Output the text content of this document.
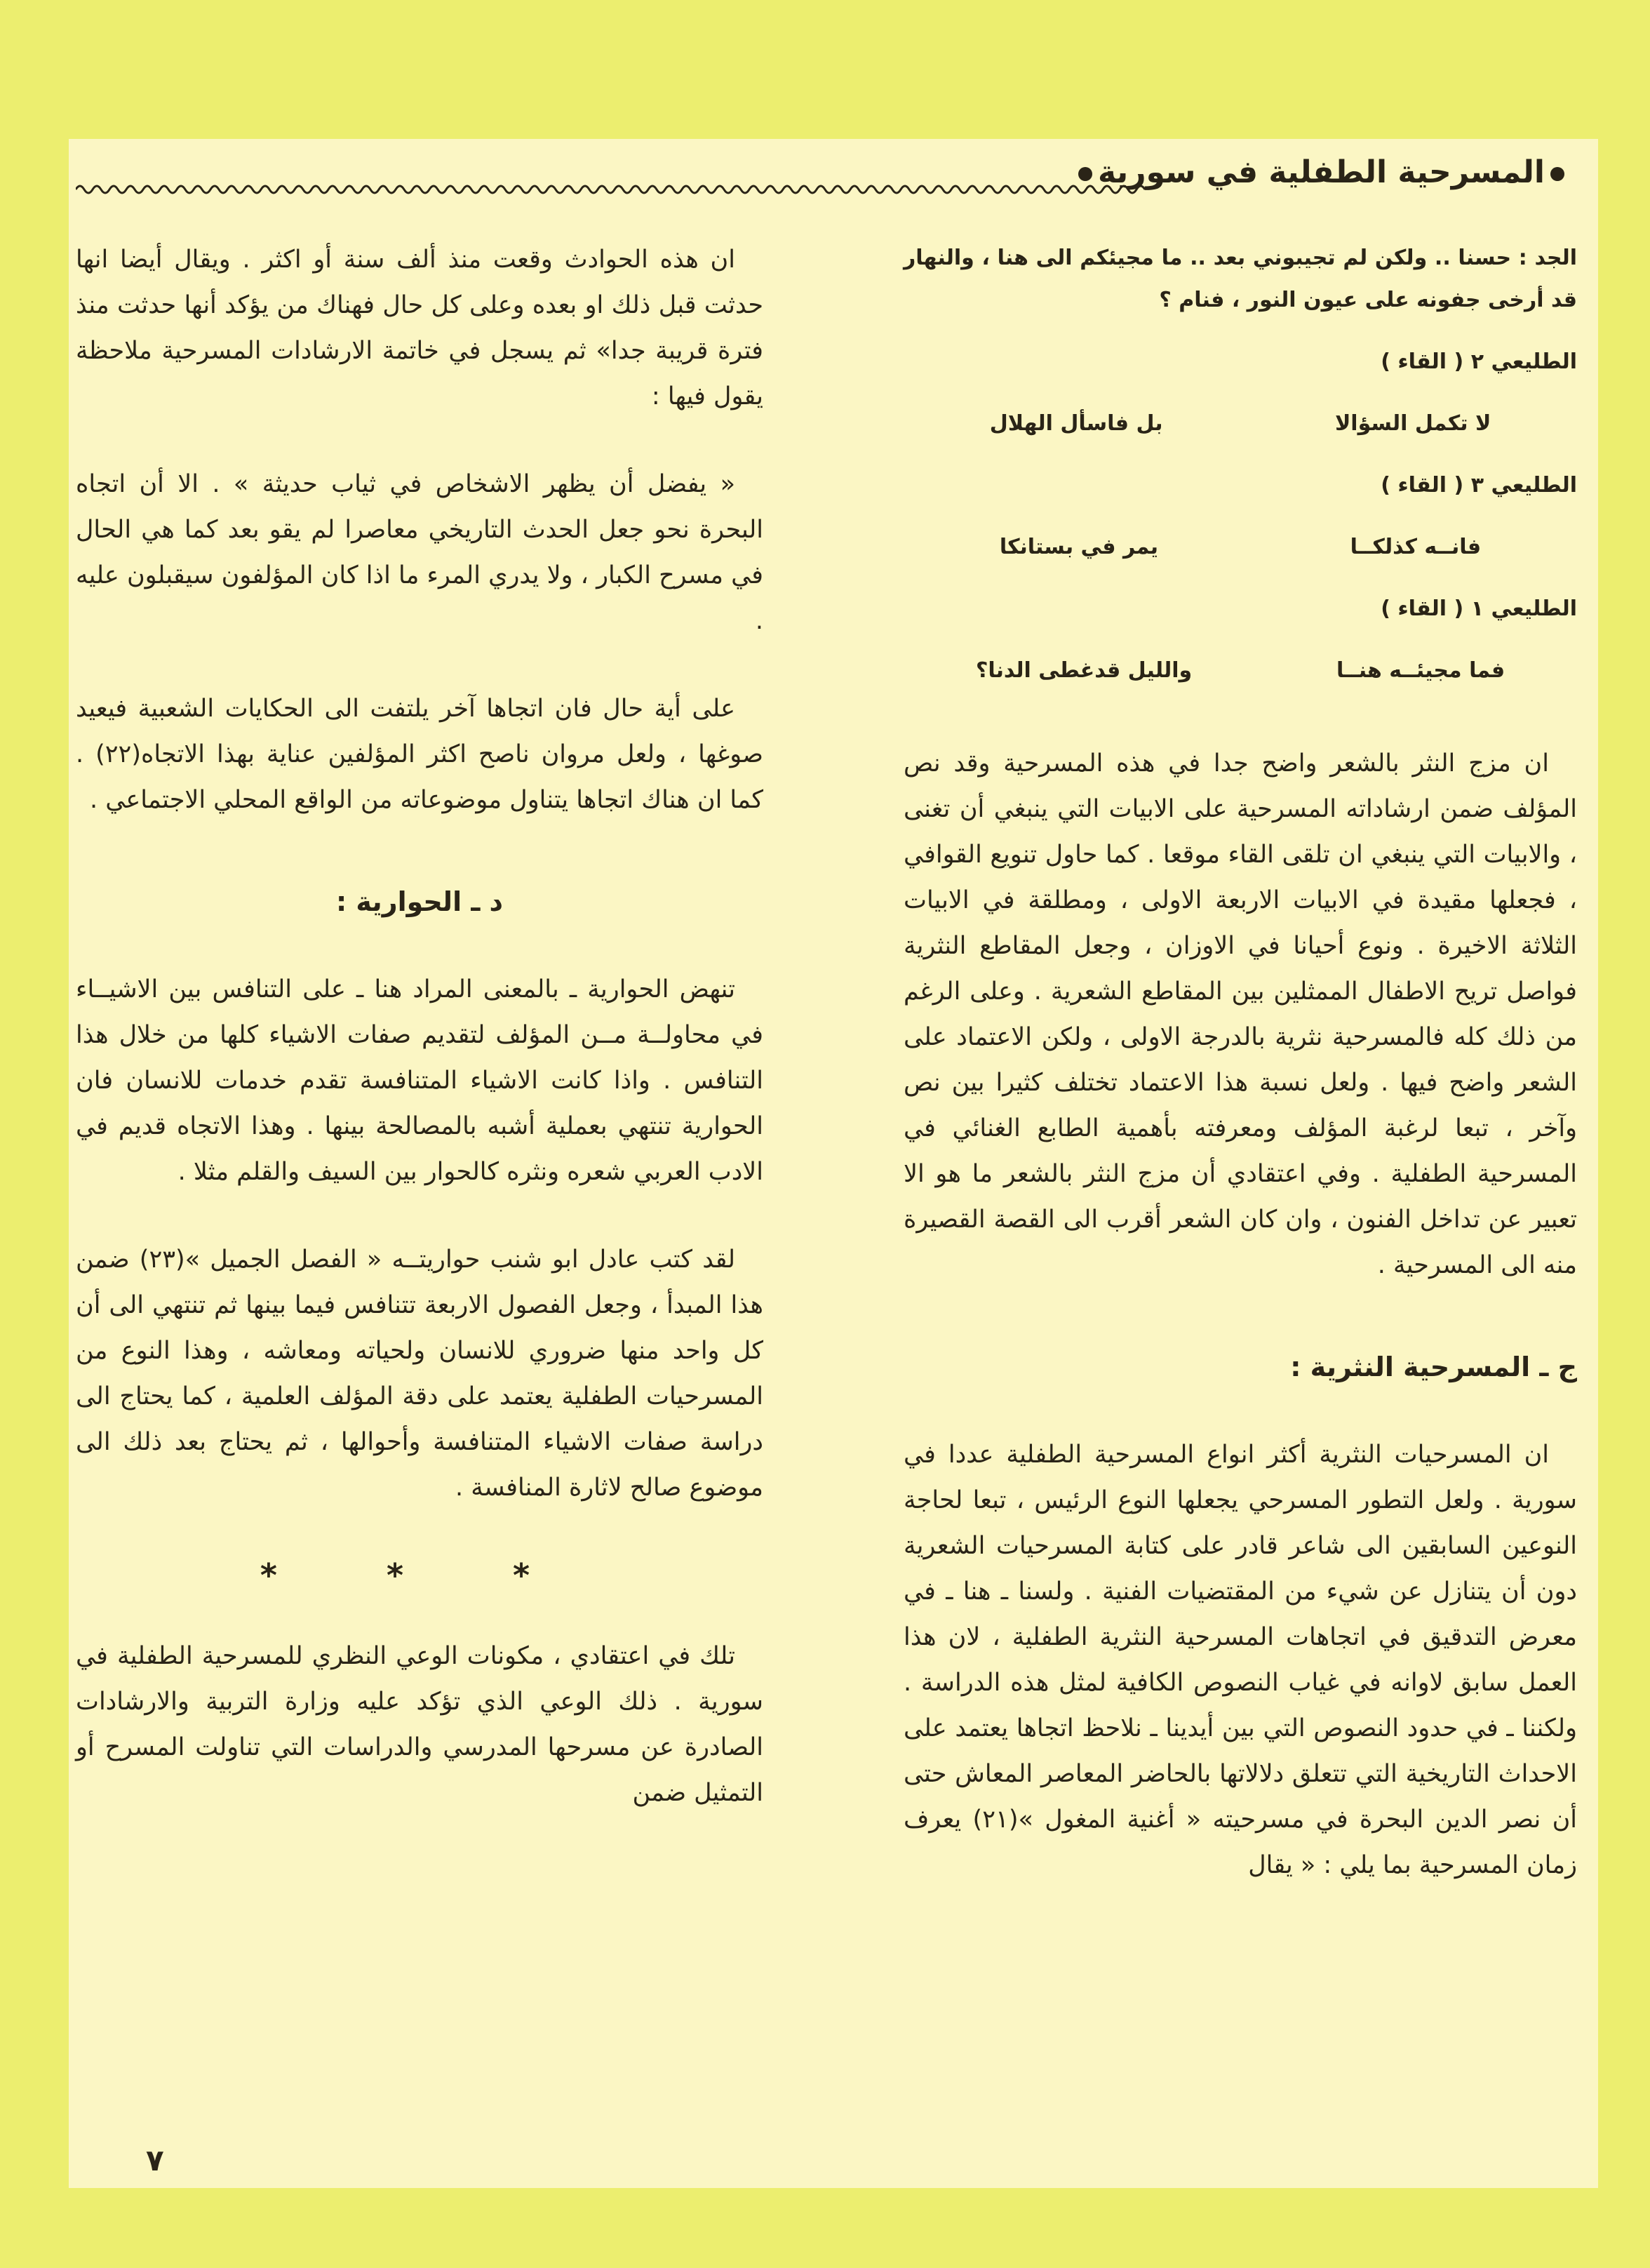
المسرحية الطفلية في سورية

الجد : حسنا .. ولكن لم تجيبوني بعد .. ما مجيئكم الى هنا ، والنهار قد أرخى جفونه على عيون النور ، فنام ؟

الطليعي ٢ ( القاء )

لا تكمل السؤالا
بل فاسأل الهلال

الطليعي ٣ ( القاء )

فانــه كذلكــا
يمر في بستانكا

الطليعي ١ ( القاء )

فما مجيئــه هنــا
والليل قدغطى الدنا؟

ان مزج النثر بالشعر واضح جدا في هذه المسرحية وقد نص المؤلف ضمن ارشاداته المسرحية على الابيات التي ينبغي أن تغنى ، والابيات التي ينبغي ان تلقى القاء موقعا . كما حاول تنويع القوافي ، فجعلها مقيدة في الابيات الاربعة الاولى ، ومطلقة في الابيات الثلاثة الاخيرة . ونوع أحيانا في الاوزان ، وجعل المقاطع النثرية فواصل تريح الاطفال الممثلين بين المقاطع الشعرية . وعلى الرغم من ذلك كله فالمسرحية نثرية بالدرجة الاولى ، ولكن الاعتماد على الشعر واضح فيها . ولعل نسبة هذا الاعتماد تختلف كثيرا بين نص وآخر ، تبعا لرغبة المؤلف ومعرفته بأهمية الطابع الغنائي في المسرحية الطفلية . وفي اعتقادي أن مزج النثر بالشعر ما هو الا تعبير عن تداخل الفنون ، وان كان الشعر أقرب الى القصة القصيرة منه الى المسرحية .

ج ـ المسرحية النثرية :

ان المسرحيات النثرية أكثر انواع المسرحية الطفلية عددا في سورية . ولعل التطور المسرحي يجعلها النوع الرئيس ، تبعا لحاجة النوعين السابقين الى شاعر قادر على كتابة المسرحيات الشعرية دون أن يتنازل عن شيء من المقتضيات الفنية . ولسنا ـ هنا ـ في معرض التدقيق في اتجاهات المسرحية النثرية الطفلية ، لان هذا العمل سابق لاوانه في غياب النصوص الكافية لمثل هذه الدراسة . ولكننا ـ في حدود النصوص التي بين أيدينا ـ نلاحظ اتجاها يعتمد على الاحداث التاريخية التي تتعلق دلالاتها بالحاضر المعاصر المعاش حتى أن نصر الدين البحرة في مسرحيته « أغنية المغول »(٢١) يعرف زمان المسرحية بما يلي : « يقال

ان هذه الحوادث وقعت منذ ألف سنة أو اكثر . ويقال أيضا انها حدثت قبل ذلك او بعده وعلى كل حال فهناك من يؤكد أنها حدثت منذ فترة قريبة جدا» ثم يسجل في خاتمة الارشادات المسرحية ملاحظة يقول فيها :

« يفضل أن يظهر الاشخاص في ثياب حديثة » . الا أن اتجاه البحرة نحو جعل الحدث التاريخي معاصرا لم يقو بعد كما هي الحال في مسرح الكبار ، ولا يدري المرء ما اذا كان المؤلفون سيقبلون عليه .

على أية حال فان اتجاها آخر يلتفت الى الحكايات الشعبية فيعيد صوغها ، ولعل مروان ناصح اكثر المؤلفين عناية بهذا الاتجاه(٢٢) . كما ان هناك اتجاها يتناول موضوعاته من الواقع المحلي الاجتماعي .

د ـ الحوارية :

تنهض الحوارية ـ بالمعنى المراد هنا ـ على التنافس بين الاشيــاء في محاولــة مــن المؤلف لتقديم صفات الاشياء كلها من خلال هذا التنافس . واذا كانت الاشياء المتنافسة تقدم خدمات للانسان فان الحوارية تنتهي بعملية أشبه بالمصالحة بينها . وهذا الاتجاه قديم في الادب العربي شعره ونثره كالحوار بين السيف والقلم مثلا .

لقد كتب عادل ابو شنب حواريتــه « الفصل الجميل »(٢٣) ضمن هذا المبدأ ، وجعل الفصول الاربعة تتنافس فيما بينها ثم تنتهي الى أن كل واحد منها ضروري للانسان ولحياته ومعاشه ، وهذا النوع من المسرحيات الطفلية يعتمد على دقة المؤلف العلمية ، كما يحتاج الى دراسة صفات الاشياء المتنافسة وأحوالها ، ثم يحتاج بعد ذلك الى موضوع صالح لاثارة المنافسة .

* * *

تلك في اعتقادي ، مكونات الوعي النظري للمسرحية الطفلية في سورية . ذلك الوعي الذي تؤكد عليه وزارة التربية والارشادات الصادرة عن مسرحها المدرسي والدراسات التي تناولت المسرح أو التمثيل ضمن

٧
